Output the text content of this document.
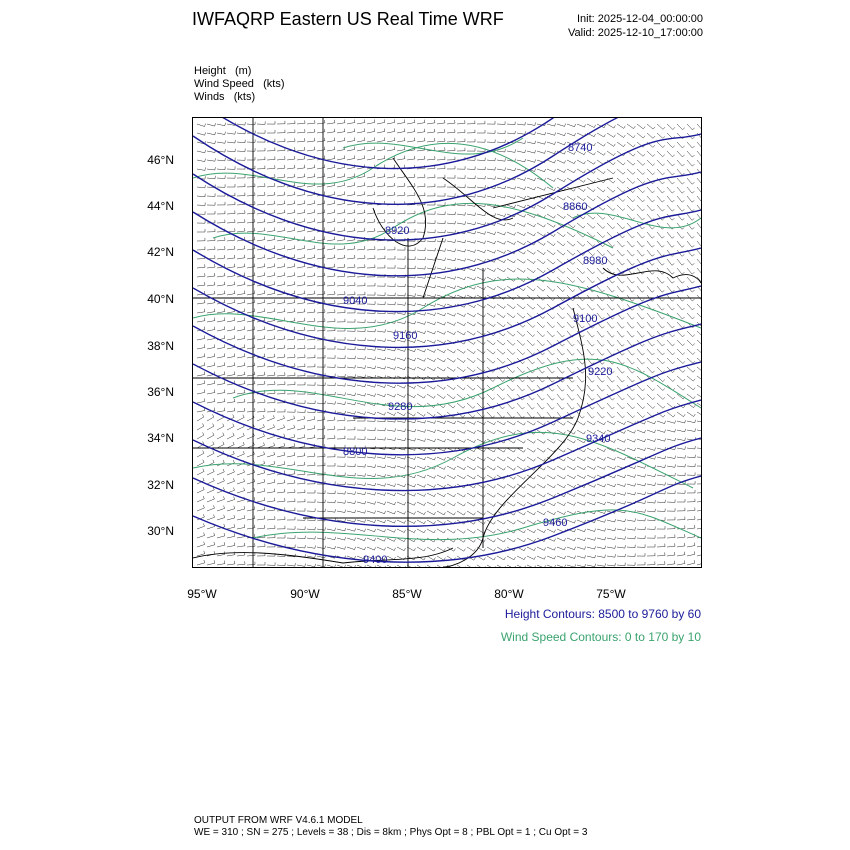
IWFAQRP Eastern US Real Time WRF	Init: 2025-12-04_00:00:00
Valid: 2025-12-10_17:00:00
Height (m)
Wind Speed (kts)
Winds (kts)
8740
8860
8980
9100
9220
9340
9460
9400
9280
9160
9040
8920
8800
46°N
44°N
42°N
40°N
38°N
36°N
34°N
32°N
30°N
95°W	90°W	85°W	80°W	75°W
Height Contours: 8500 to 9760 by 60
Wind Speed Contours: 0 to 170 by 10
OUTPUT FROM WRF V4.6.1 MODEL
WE = 310 ; SN = 275 ; Levels = 38 ; Dis = 8km ; Phys Opt = 8 ; PBL Opt = 1 ; Cu Opt = 3
